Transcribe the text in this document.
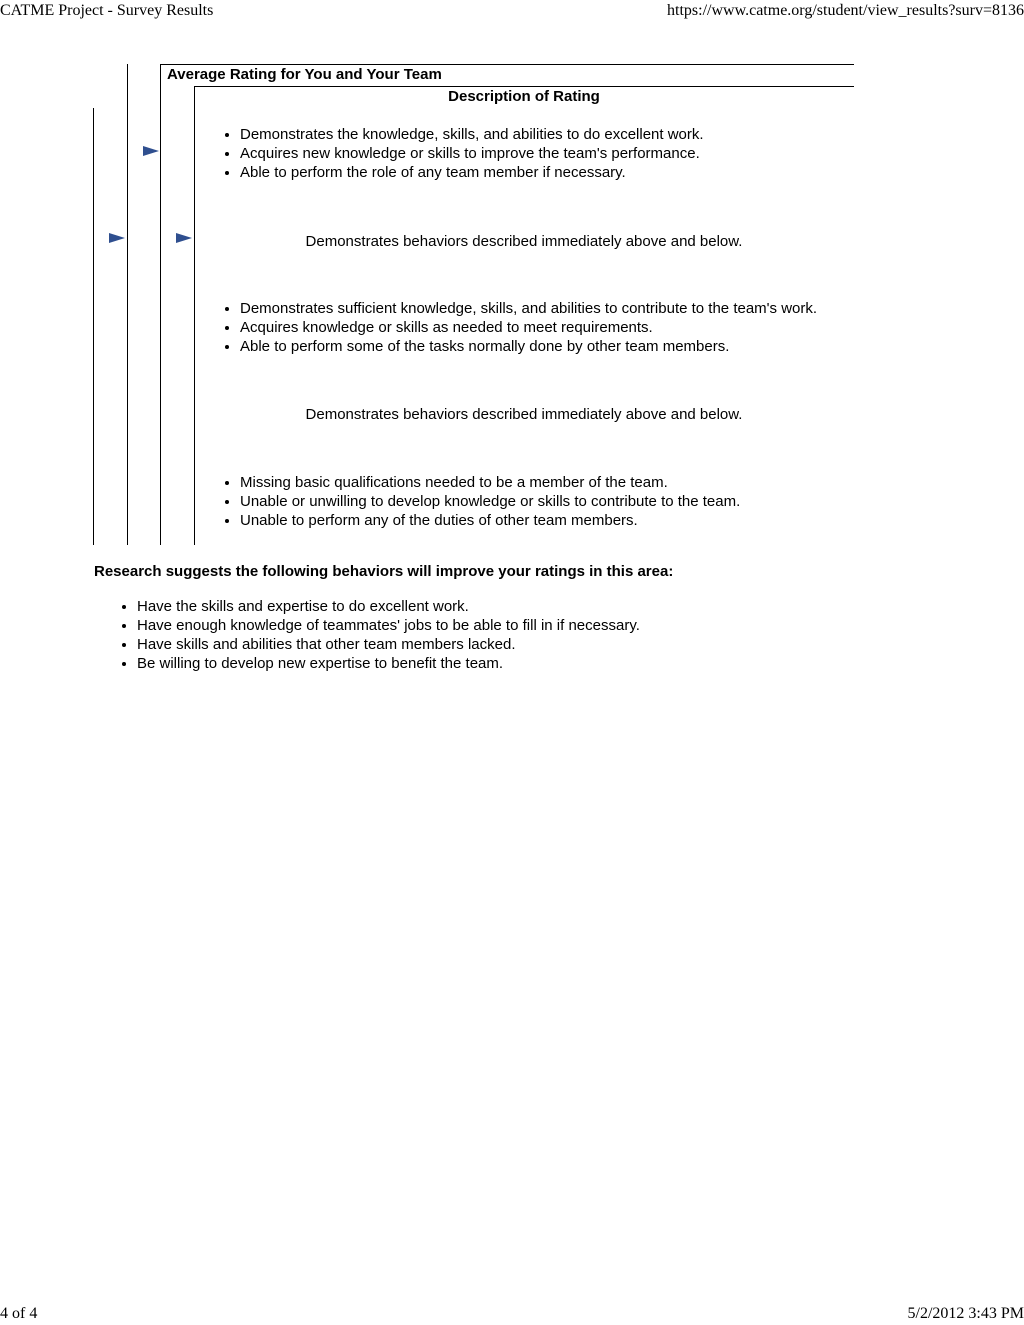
CATME Project - Survey Results	https://www.catme.org/student/view_results?surv=8136
Average Rating for You and Your Team
Description of Rating
• Demonstrates the knowledge, skills, and abilities to do excellent work.
• Acquires new knowledge or skills to improve the team's performance.
• Able to perform the role of any team member if necessary.
Demonstrates behaviors described immediately above and below.
• Demonstrates sufficient knowledge, skills, and abilities to contribute to the team's work.
• Acquires knowledge or skills as needed to meet requirements.
• Able to perform some of the tasks normally done by other team members.
Demonstrates behaviors described immediately above and below.
• Missing basic qualifications needed to be a member of the team.
• Unable or unwilling to develop knowledge or skills to contribute to the team.
• Unable to perform any of the duties of other team members.
Research suggests the following behaviors will improve your ratings in this area:
• Have the skills and expertise to do excellent work.
• Have enough knowledge of teammates' jobs to be able to fill in if necessary.
• Have skills and abilities that other team members lacked.
• Be willing to develop new expertise to benefit the team.
4 of 4	5/2/2012 3:43 PM
